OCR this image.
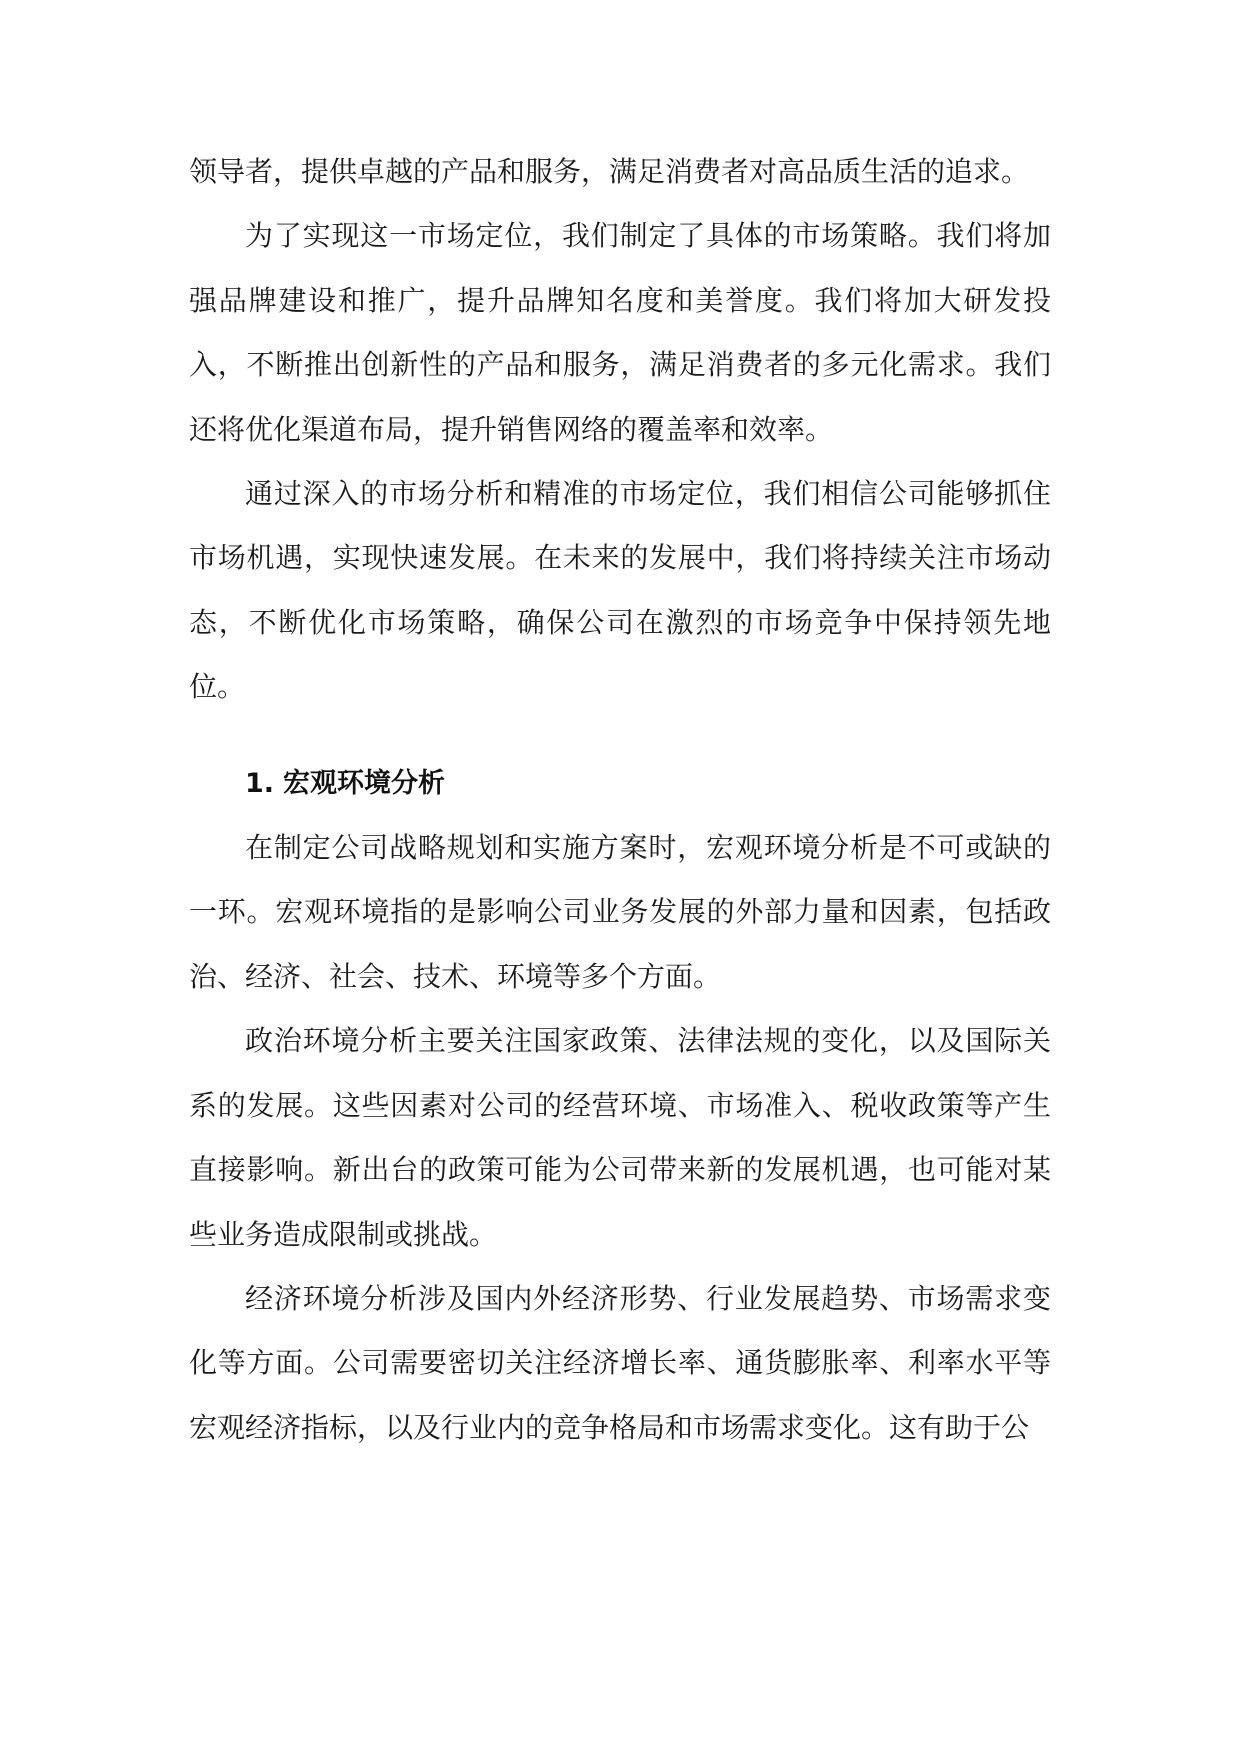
领导者，提供卓越的产品和服务，满足消费者对高品质生活的追求。

为了实现这一市场定位，我们制定了具体的市场策略。我们将加强品牌建设和推广，提升品牌知名度和美誉度。我们将加大研发投入，不断推出创新性的产品和服务，满足消费者的多元化需求。我们还将优化渠道布局，提升销售网络的覆盖率和效率。

通过深入的市场分析和精准的市场定位，我们相信公司能够抓住市场机遇，实现快速发展。在未来的发展中，我们将持续关注市场动态，不断优化市场策略，确保公司在激烈的市场竞争中保持领先地位。

1. 宏观环境分析

在制定公司战略规划和实施方案时，宏观环境分析是不可或缺的一环。宏观环境指的是影响公司业务发展的外部力量和因素，包括政治、经济、社会、技术、环境等多个方面。

政治环境分析主要关注国家政策、法律法规的变化，以及国际关系的发展。这些因素对公司的经营环境、市场准入、税收政策等产生直接影响。新出台的政策可能为公司带来新的发展机遇，也可能对某些业务造成限制或挑战。

经济环境分析涉及国内外经济形势、行业发展趋势、市场需求变化等方面。公司需要密切关注经济增长率、通货膨胀率、利率水平等宏观经济指标，以及行业内的竞争格局和市场需求变化。这有助于公
